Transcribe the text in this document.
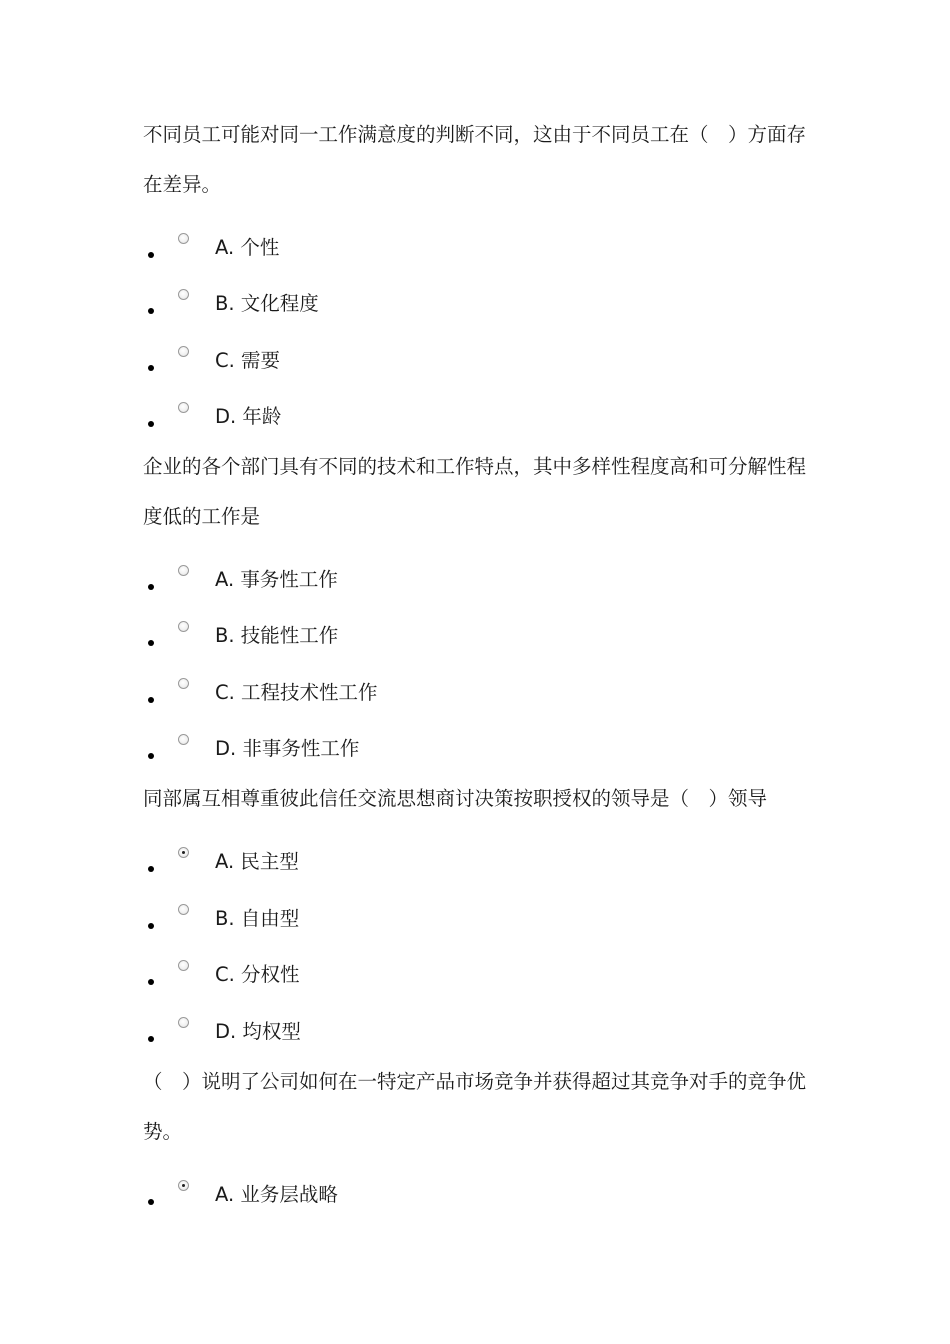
不同员工可能对同一工作满意度的判断不同，这由于不同员工在（　）方面存在差异。

A. 个性
B. 文化程度
C. 需要
D. 年龄

企业的各个部门具有不同的技术和工作特点，其中多样性程度高和可分解性程度低的工作是

A. 事务性工作
B. 技能性工作
C. 工程技术性工作
D. 非事务性工作

同部属互相尊重彼此信任交流思想商讨决策按职授权的领导是（　）领导

A. 民主型
B. 自由型
C. 分权性
D. 均权型

（　）说明了公司如何在一特定产品市场竞争并获得超过其竞争对手的竞争优势。

A. 业务层战略
